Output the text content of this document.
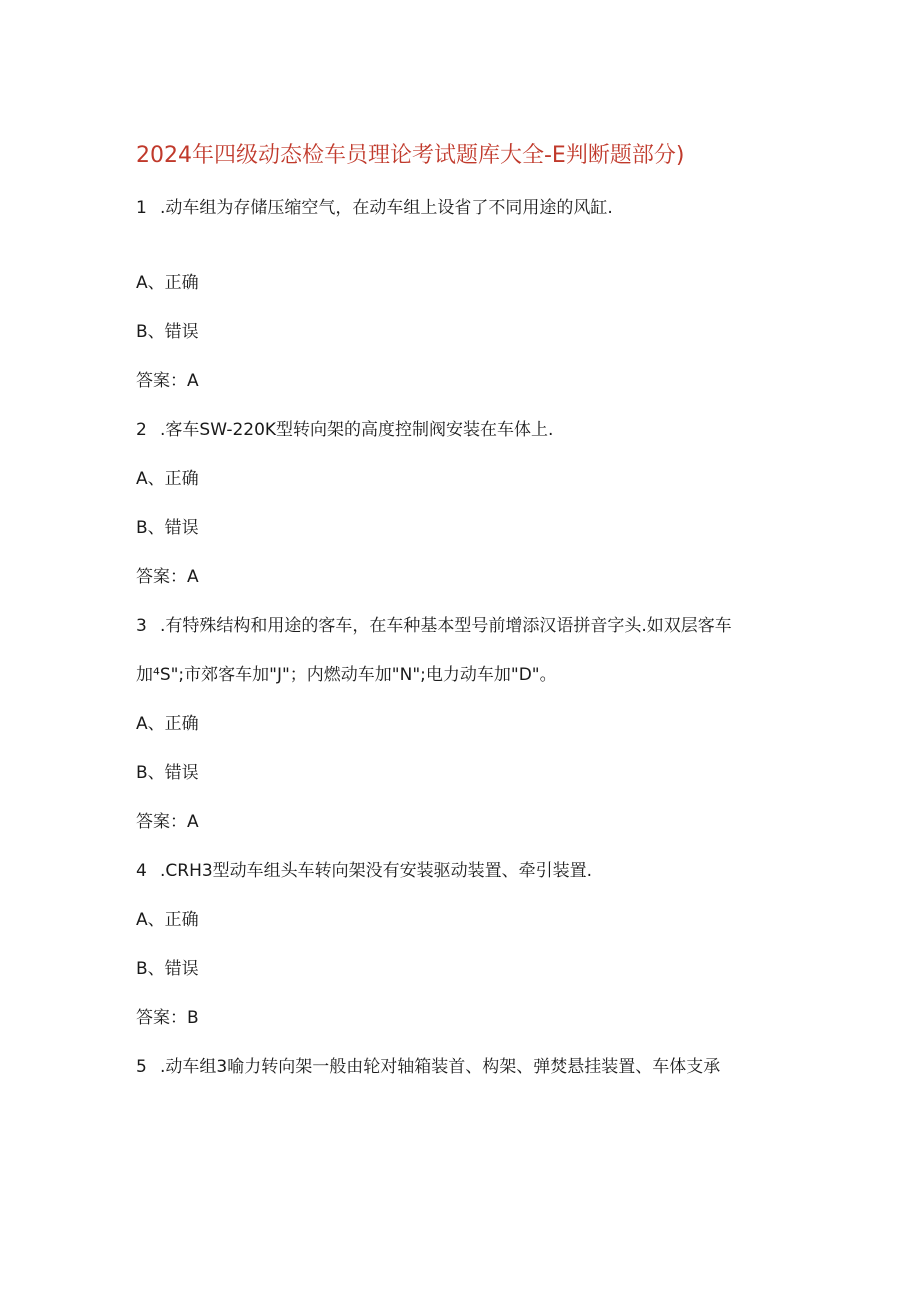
2024年四级动态检车员理论考试题库大全-E判断题部分)
1 .动车组为存储压缩空气，在动车组上设省了不同用途的风缸.
A、正确
B、错误
答案：A
2 .客车SW-220K型转向架的高度控制阀安装在车体上.
A、正确
B、错误
答案：A
3 .有特殊结构和用途的客车，在车种基本型号前增添汉语拼音字头.如双层客车
加⁴S";市郊客车加"J"；内燃动车加"N";电力动车加"D"。
A、正确
B、错误
答案：A
4 .CRH3型动车组头车转向架没有安装驱动装置、牵引装置.
A、正确
B、错误
答案：B
5 .动车组3喻力转向架一般由轮对轴箱装首、构架、弹焚悬挂装置、车体支承
